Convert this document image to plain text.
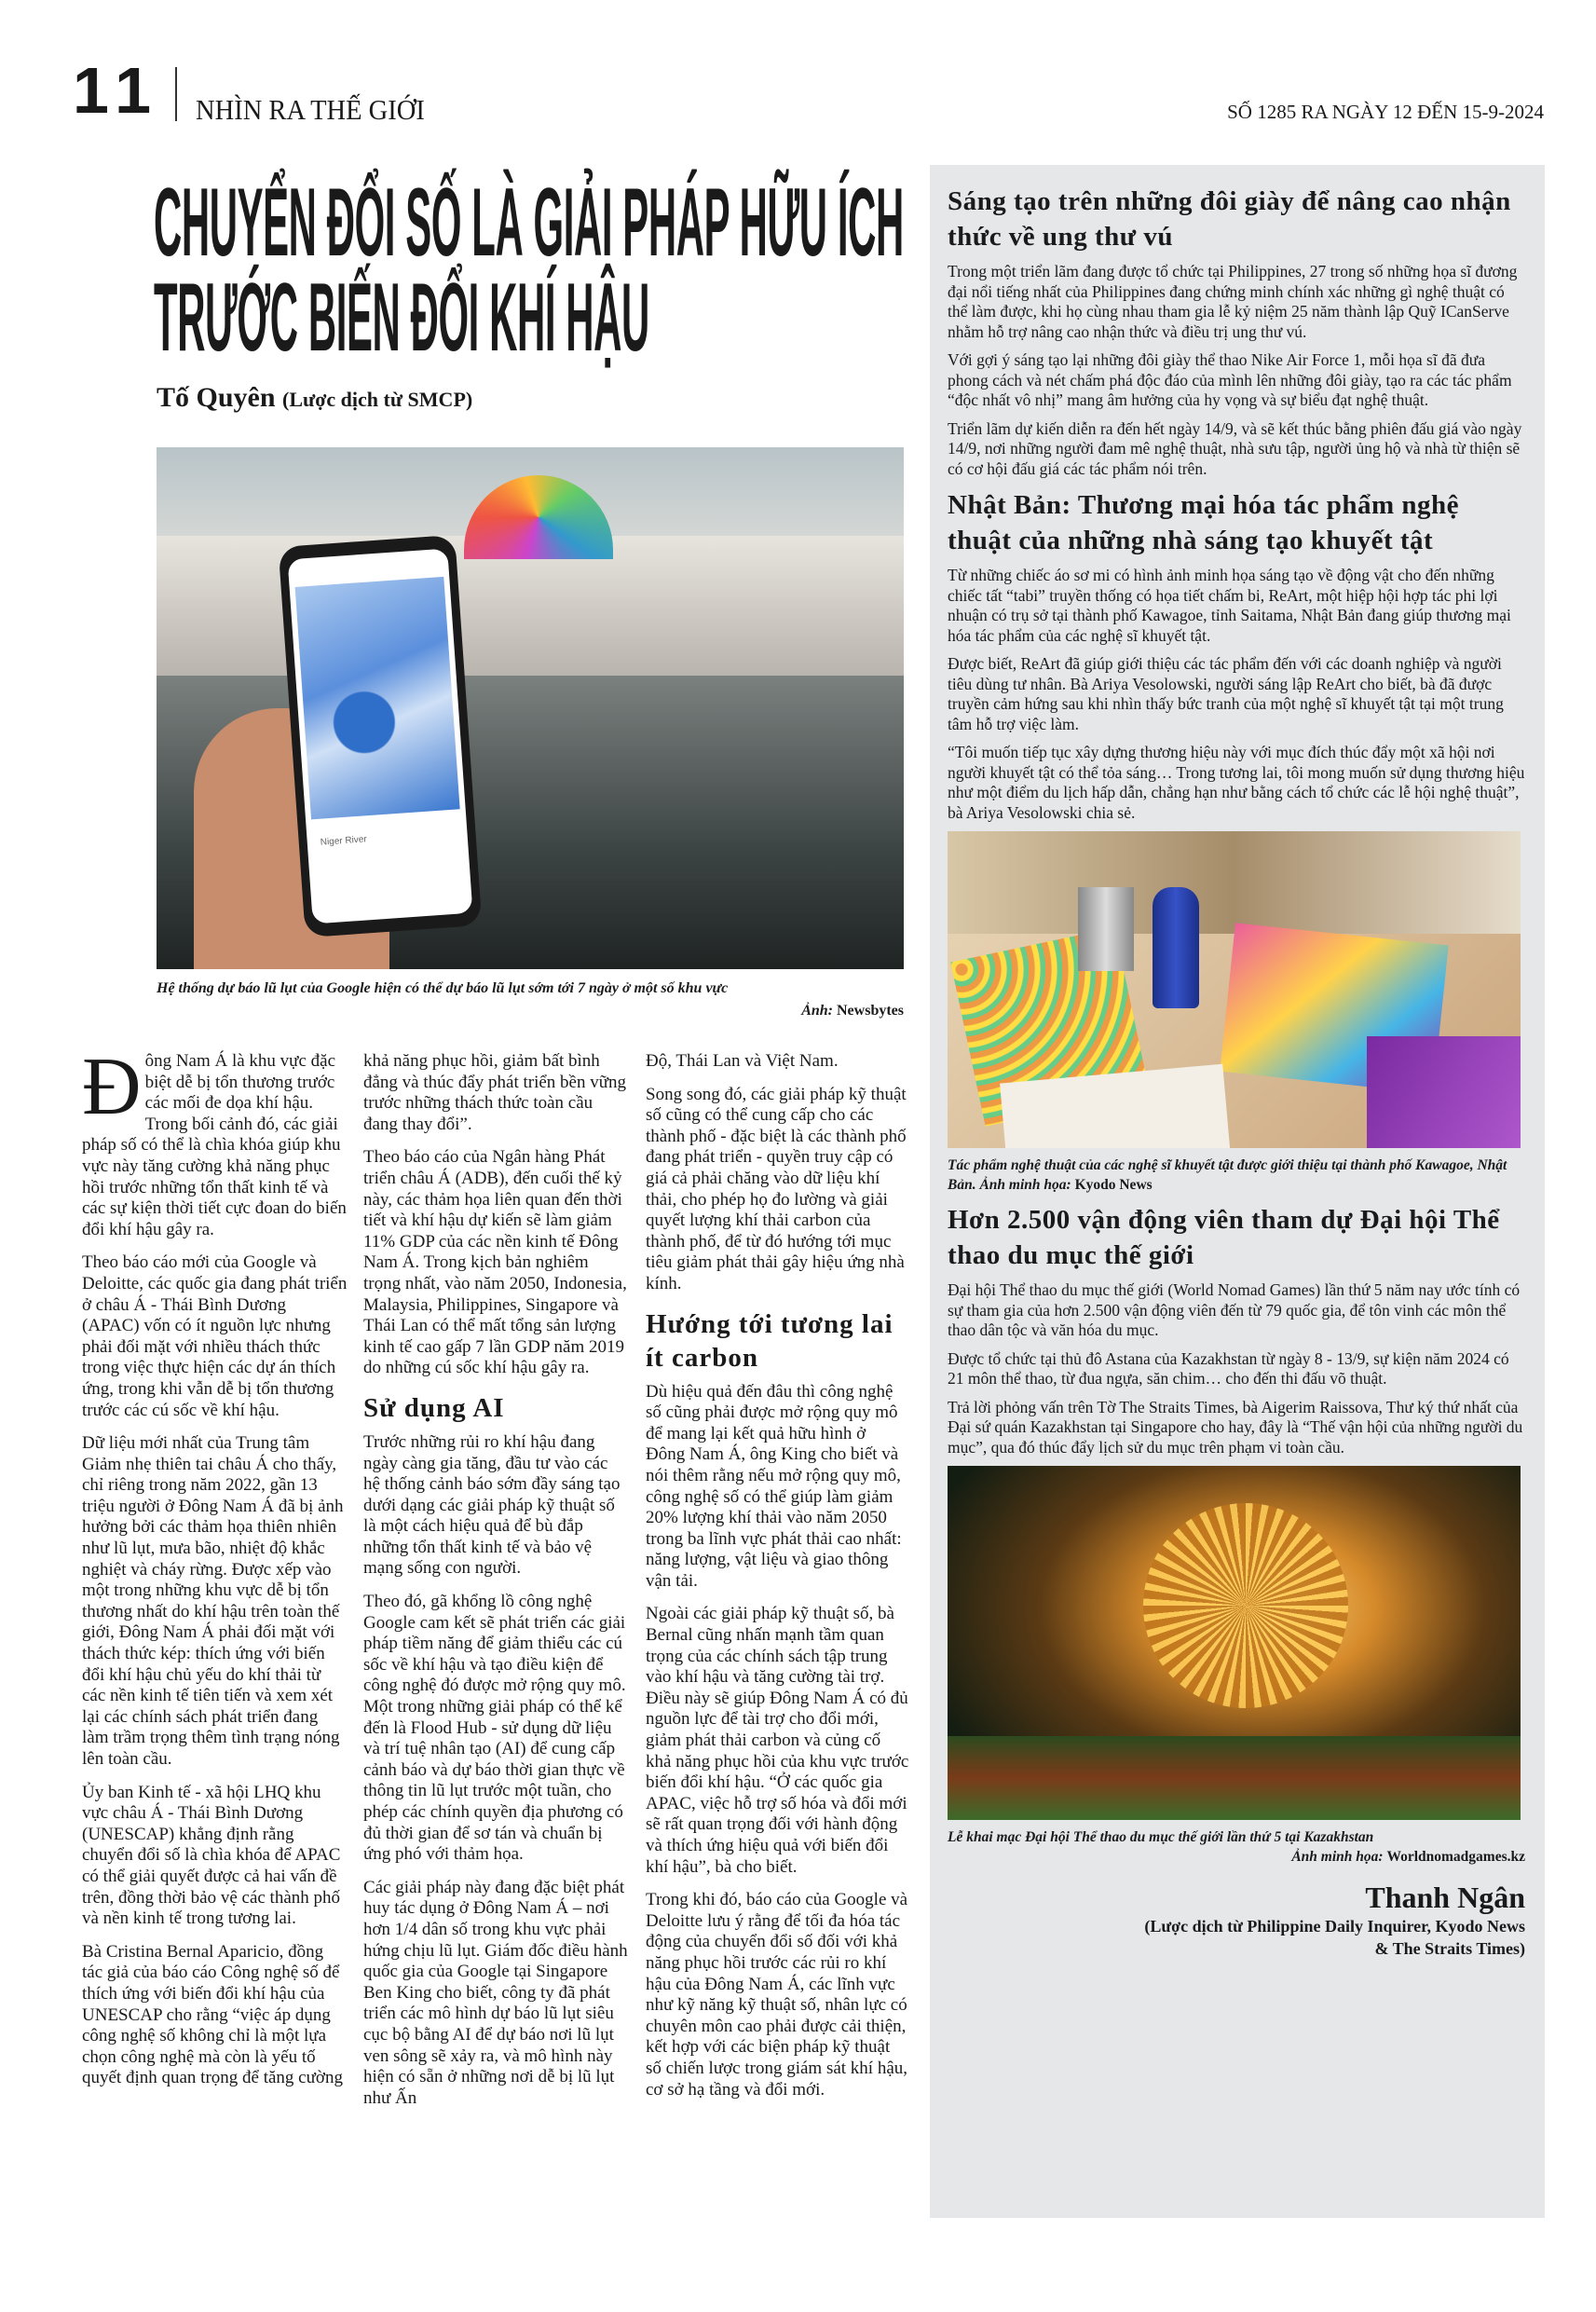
11 NHÌN RA THẾ GIỚI	SỐ 1285 RA NGÀY 12 ĐẾN 15-9-2024
CHUYỂN ĐỔI SỐ LÀ GIẢI PHÁP HỮU ÍCH
TRƯỚC BIẾN ĐỔI KHÍ HẬU
Tố Quyên (Lược dịch từ SMCP)
Niger River
Hệ thống dự báo lũ lụt của Google hiện có thể dự báo lũ lụt sớm tới 7 ngày ở một số khu vực
Ảnh: Newsbytes

Đông Nam Á là khu vực đặc biệt dễ bị tổn thương trước các mối đe dọa khí hậu. Trong bối cảnh đó, các giải pháp số có thể là chìa khóa giúp khu vực này tăng cường khả năng phục hồi trước những tổn thất kinh tế và các sự kiện thời tiết cực đoan do biến đổi khí hậu gây ra.

Theo báo cáo mới của Google và Deloitte, các quốc gia đang phát triển ở châu Á - Thái Bình Dương (APAC) vốn có ít nguồn lực nhưng phải đối mặt với nhiều thách thức trong việc thực hiện các dự án thích ứng, trong khi vẫn dễ bị tổn thương trước các cú sốc về khí hậu.

Dữ liệu mới nhất của Trung tâm Giảm nhẹ thiên tai châu Á cho thấy, chỉ riêng trong năm 2022, gần 13 triệu người ở Đông Nam Á đã bị ảnh hưởng bởi các thảm họa thiên nhiên như lũ lụt, mưa bão, nhiệt độ khắc nghiệt và cháy rừng. Được xếp vào một trong những khu vực dễ bị tổn thương nhất do khí hậu trên toàn thế giới, Đông Nam Á phải đối mặt với thách thức kép: thích ứng với biến đổi khí hậu chủ yếu do khí thải từ các nền kinh tế tiên tiến và xem xét lại các chính sách phát triển đang làm trầm trọng thêm tình trạng nóng lên toàn cầu.

Ủy ban Kinh tế - xã hội LHQ khu vực châu Á - Thái Bình Dương (UNESCAP) khẳng định rằng chuyển đổi số là chìa khóa để APAC có thể giải quyết được cả hai vấn đề trên, đồng thời bảo vệ các thành phố và nền kinh tế trong tương lai.

Bà Cristina Bernal Aparicio, đồng tác giả của báo cáo Công nghệ số để thích ứng với biến đổi khí hậu của UNESCAP cho rằng “việc áp dụng công nghệ số không chỉ là một lựa chọn công nghệ mà còn là yếu tố quyết định quan trọng để tăng cường

khả năng phục hồi, giảm bất bình đẳng và thúc đẩy phát triển bền vững trước những thách thức toàn cầu đang thay đổi”.

Theo báo cáo của Ngân hàng Phát triển châu Á (ADB), đến cuối thế kỷ này, các thảm họa liên quan đến thời tiết và khí hậu dự kiến sẽ làm giảm 11% GDP của các nền kinh tế Đông Nam Á. Trong kịch bản nghiêm trọng nhất, vào năm 2050, Indonesia, Malaysia, Philippines, Singapore và Thái Lan có thể mất tổng sản lượng kinh tế cao gấp 7 lần GDP năm 2019 do những cú sốc khí hậu gây ra.

Sử dụng AI

Trước những rủi ro khí hậu đang ngày càng gia tăng, đầu tư vào các hệ thống cảnh báo sớm đầy sáng tạo dưới dạng các giải pháp kỹ thuật số là một cách hiệu quả để bù đắp những tổn thất kinh tế và bảo vệ mạng sống con người.

Theo đó, gã khổng lồ công nghệ Google cam kết sẽ phát triển các giải pháp tiềm năng để giảm thiểu các cú sốc về khí hậu và tạo điều kiện để công nghệ đó được mở rộng quy mô. Một trong những giải pháp có thể kể đến là Flood Hub - sử dụng dữ liệu và trí tuệ nhân tạo (AI) để cung cấp cảnh báo và dự báo thời gian thực về thông tin lũ lụt trước một tuần, cho phép các chính quyền địa phương có đủ thời gian để sơ tán và chuẩn bị ứng phó với thảm họa.

Các giải pháp này đang đặc biệt phát huy tác dụng ở Đông Nam Á – nơi hơn 1/4 dân số trong khu vực phải hứng chịu lũ lụt. Giám đốc điều hành quốc gia của Google tại Singapore Ben King cho biết, công ty đã phát triển các mô hình dự báo lũ lụt siêu cục bộ bằng AI để dự báo nơi lũ lụt ven sông sẽ xảy ra, và mô hình này hiện có sẵn ở những nơi dễ bị lũ lụt như Ấn

Độ, Thái Lan và Việt Nam.

Song song đó, các giải pháp kỹ thuật số cũng có thể cung cấp cho các thành phố - đặc biệt là các thành phố đang phát triển - quyền truy cập có giá cả phải chăng vào dữ liệu khí thải, cho phép họ đo lường và giải quyết lượng khí thải carbon của thành phố, để từ đó hướng tới mục tiêu giảm phát thải gây hiệu ứng nhà kính.

Hướng tới tương lai ít carbon

Dù hiệu quả đến đâu thì công nghệ số cũng phải được mở rộng quy mô để mang lại kết quả hữu hình ở Đông Nam Á, ông King cho biết và nói thêm rằng nếu mở rộng quy mô, công nghệ số có thể giúp làm giảm 20% lượng khí thải vào năm 2050 trong ba lĩnh vực phát thải cao nhất: năng lượng, vật liệu và giao thông vận tải.

Ngoài các giải pháp kỹ thuật số, bà Bernal cũng nhấn mạnh tầm quan trọng của các chính sách tập trung vào khí hậu và tăng cường tài trợ. Điều này sẽ giúp Đông Nam Á có đủ nguồn lực để tài trợ cho đổi mới, giảm phát thải carbon và củng cố khả năng phục hồi của khu vực trước biến đổi khí hậu. “Ở các quốc gia APAC, việc hỗ trợ số hóa và đổi mới sẽ rất quan trọng đối với hành động và thích ứng hiệu quả với biến đổi khí hậu”, bà cho biết.

Trong khi đó, báo cáo của Google và Deloitte lưu ý rằng để tối đa hóa tác động của chuyển đổi số đối với khả năng phục hồi trước các rủi ro khí hậu của Đông Nam Á, các lĩnh vực như kỹ năng kỹ thuật số, nhân lực có chuyên môn cao phải được cải thiện, kết hợp với các biện pháp kỹ thuật số chiến lược trong giám sát khí hậu, cơ sở hạ tầng và đổi mới.

Sáng tạo trên những đôi giày để nâng cao nhận thức về ung thư vú

Trong một triển lãm đang được tổ chức tại Philippines, 27 trong số những họa sĩ đương đại nổi tiếng nhất của Philippines đang chứng minh chính xác những gì nghệ thuật có thể làm được, khi họ cùng nhau tham gia lễ kỷ niệm 25 năm thành lập Quỹ ICanServe nhằm hỗ trợ nâng cao nhận thức và điều trị ung thư vú.

Với gợi ý sáng tạo lại những đôi giày thể thao Nike Air Force 1, mỗi họa sĩ đã đưa phong cách và nét chấm phá độc đáo của mình lên những đôi giày, tạo ra các tác phẩm “độc nhất vô nhị” mang âm hưởng của hy vọng và sự biểu đạt nghệ thuật.

Triển lãm dự kiến diễn ra đến hết ngày 14/9, và sẽ kết thúc bằng phiên đấu giá vào ngày 14/9, nơi những người đam mê nghệ thuật, nhà sưu tập, người ủng hộ và nhà từ thiện sẽ có cơ hội đấu giá các tác phẩm nói trên.

Nhật Bản: Thương mại hóa tác phẩm nghệ thuật của những nhà sáng tạo khuyết tật

Từ những chiếc áo sơ mi có hình ảnh minh họa sáng tạo về động vật cho đến những chiếc tất “tabi” truyền thống có họa tiết chấm bi, ReArt, một hiệp hội hợp tác phi lợi nhuận có trụ sở tại thành phố Kawagoe, tỉnh Saitama, Nhật Bản đang giúp thương mại hóa tác phẩm của các nghệ sĩ khuyết tật.

Được biết, ReArt đã giúp giới thiệu các tác phẩm đến với các doanh nghiệp và người tiêu dùng tư nhân. Bà Ariya Vesolowski, người sáng lập ReArt cho biết, bà đã được truyền cảm hứng sau khi nhìn thấy bức tranh của một nghệ sĩ khuyết tật tại một trung tâm hỗ trợ việc làm.

“Tôi muốn tiếp tục xây dựng thương hiệu này với mục đích thúc đẩy một xã hội nơi người khuyết tật có thể tỏa sáng… Trong tương lai, tôi mong muốn sử dụng thương hiệu như một điểm du lịch hấp dẫn, chẳng hạn như bằng cách tổ chức các lễ hội nghệ thuật”, bà Ariya Vesolowski chia sẻ.

Tác phẩm nghệ thuật của các nghệ sĩ khuyết tật được giới thiệu tại thành phố Kawagoe, Nhật Bản. Ảnh minh họa: Kyodo News
Hơn 2.500 vận động viên tham dự Đại hội Thể thao du mục thế giới

Đại hội Thể thao du mục thế giới (World Nomad Games) lần thứ 5 năm nay ước tính có sự tham gia của hơn 2.500 vận động viên đến từ 79 quốc gia, để tôn vinh các môn thể thao dân tộc và văn hóa du mục.

Được tổ chức tại thủ đô Astana của Kazakhstan từ ngày 8 - 13/9, sự kiện năm 2024 có 21 môn thể thao, từ đua ngựa, săn chim… cho đến thi đấu võ thuật.

Trả lời phỏng vấn trên Tờ The Straits Times, bà Aigerim Raissova, Thư ký thứ nhất của Đại sứ quán Kazakhstan tại Singapore cho hay, đây là “Thế vận hội của những người du mục”, qua đó thúc đẩy lịch sử du mục trên phạm vi toàn cầu.

Lễ khai mạc Đại hội Thể thao du mục thế giới lần thứ 5 tại Kazakhstan
Ảnh minh họa: Worldnomadgames.kz
Thanh Ngân
(Lược dịch từ Philippine Daily Inquirer, Kyodo News
& The Straits Times)
